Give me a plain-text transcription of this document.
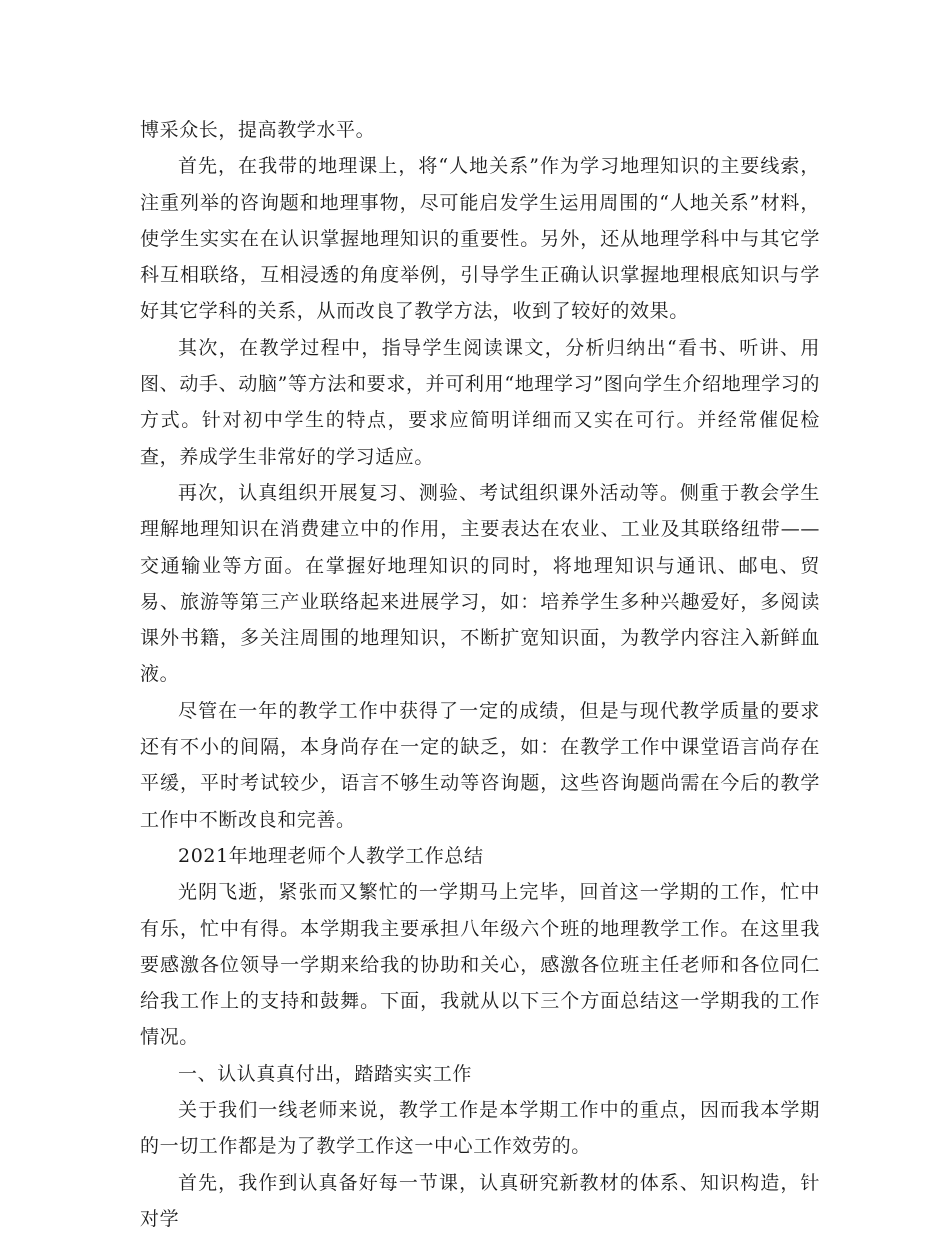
博采众长，提高教学水平。

首先，在我带的地理课上，将“人地关系”作为学习地理知识的主要线索，注重列举的咨询题和地理事物，尽可能启发学生运用周围的“人地关系”材料，使学生实实在在认识掌握地理知识的重要性。另外，还从地理学科中与其它学科互相联络，互相浸透的角度举例，引导学生正确认识掌握地理根底知识与学好其它学科的关系，从而改良了教学方法，收到了较好的效果。

其次，在教学过程中，指导学生阅读课文，分析归纳出“看书、听讲、用图、动手、动脑”等方法和要求，并可利用“地理学习”图向学生介绍地理学习的方式。针对初中学生的特点，要求应简明详细而又实在可行。并经常催促检查，养成学生非常好的学习适应。

再次，认真组织开展复习、测验、考试组织课外活动等。侧重于教会学生理解地理知识在消费建立中的作用，主要表达在农业、工业及其联络纽带——交通输业等方面。在掌握好地理知识的同时，将地理知识与通讯、邮电、贸易、旅游等第三产业联络起来进展学习，如：培养学生多种兴趣爱好，多阅读课外书籍，多关注周围的地理知识，不断扩宽知识面，为教学内容注入新鲜血液。

尽管在一年的教学工作中获得了一定的成绩，但是与现代教学质量的要求还有不小的间隔，本身尚存在一定的缺乏，如：在教学工作中课堂语言尚存在平缓，平时考试较少，语言不够生动等咨询题，这些咨询题尚需在今后的教学工作中不断改良和完善。

2021年地理老师个人教学工作总结

光阴飞逝，紧张而又繁忙的一学期马上完毕，回首这一学期的工作，忙中有乐，忙中有得。本学期我主要承担八年级六个班的地理教学工作。在这里我要感激各位领导一学期来给我的协助和关心，感激各位班主任老师和各位同仁给我工作上的支持和鼓舞。下面，我就从以下三个方面总结这一学期我的工作情况。

一、认认真真付出，踏踏实实工作

关于我们一线老师来说，教学工作是本学期工作中的重点，因而我本学期的一切工作都是为了教学工作这一中心工作效劳的。

首先，我作到认真备好每一节课，认真研究新教材的体系、知识构造，针对学
